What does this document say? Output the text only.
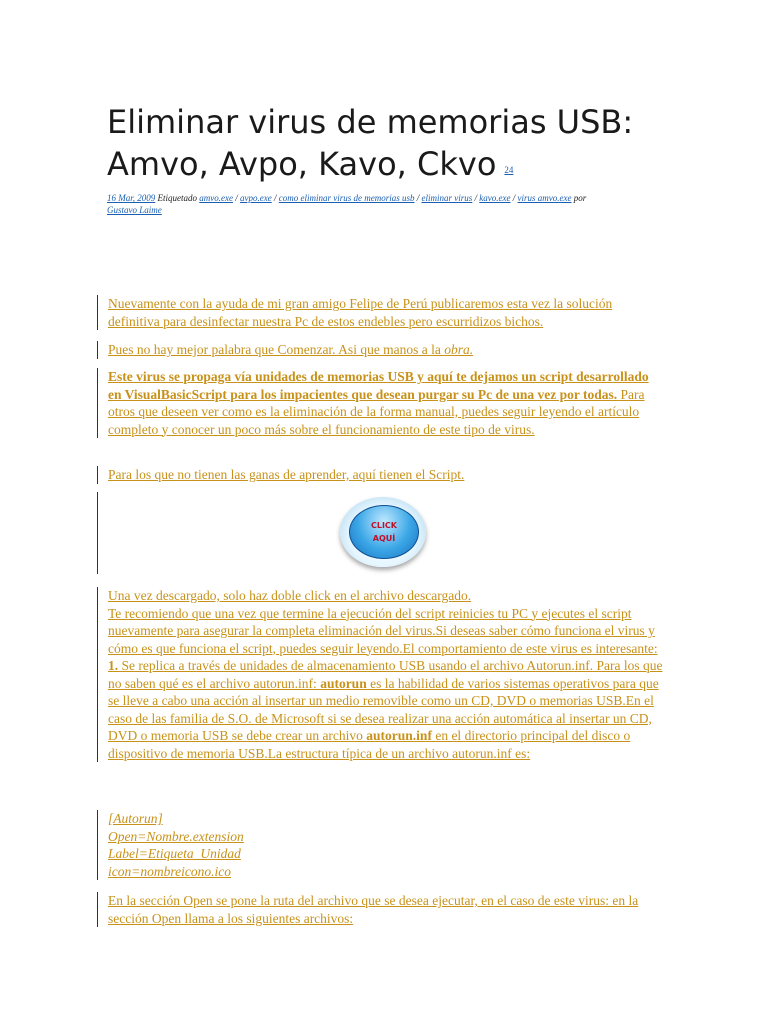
Eliminar virus de memorias USB: Amvo, Avpo, Kavo, Ckvo $^{24}$
16 Mar, 2009 Etiquetado amvo.exe / avpo.exe / como eliminar virus de memorias usb / eliminar virus / kavo.exe / virus amvo.exe por Gustavo Laime
Nuevamente con la ayuda de mi gran amigo Felipe de Perú publicaremos esta vez la solución definitiva para desinfectar nuestra Pc de estos endebles pero escurridizos bichos.
Pues no hay mejor palabra que Comenzar. Asi que manos a la obra.
Este virus se propaga vía unidades de memorias USB y aquí te dejamos un script desarrollado en VisualBasicScript para los impacientes que desean purgar su Pc de una vez por todas. Para otros que deseen ver como es la eliminación de la forma manual, puedes seguir leyendo el artículo completo y conocer un poco más sobre el funcionamiento de este tipo de virus.
Para los que no tienen las ganas de aprender, aquí tienen el Script.
CLICK
AQUÍ
Una vez descargado, solo haz doble click en el archivo descargado.
Te recomiendo que una vez que termine la ejecución del script reinicies tu PC y ejecutes el script nuevamente para asegurar la completa eliminación del virus.Si deseas saber cómo funciona el virus y cómo es que funciona el script, puedes seguir leyendo.El comportamiento de este virus es interesante: 1. Se replica a través de unidades de almacenamiento USB usando el archivo Autorun.inf. Para los que no saben qué es el archivo autorun.inf: autorun es la habilidad de varios sistemas operativos para que se lleve a cabo una acción al insertar un medio removible como un CD, DVD o memorias USB.En el caso de las familia de S.O. de Microsoft si se desea realizar una acción automática al insertar un CD, DVD o memoria USB se debe crear un archivo autorun.inf en el directorio principal del disco o dispositivo de memoria USB.La estructura típica de un archivo autorun.inf es:
[Autorun]
Open=Nombre.extension
Label=Etiqueta_Unidad
icon=nombreicono.ico
En la sección Open se pone la ruta del archivo que se desea ejecutar, en el caso de este virus: en la sección Open llama a los siguientes archivos:
